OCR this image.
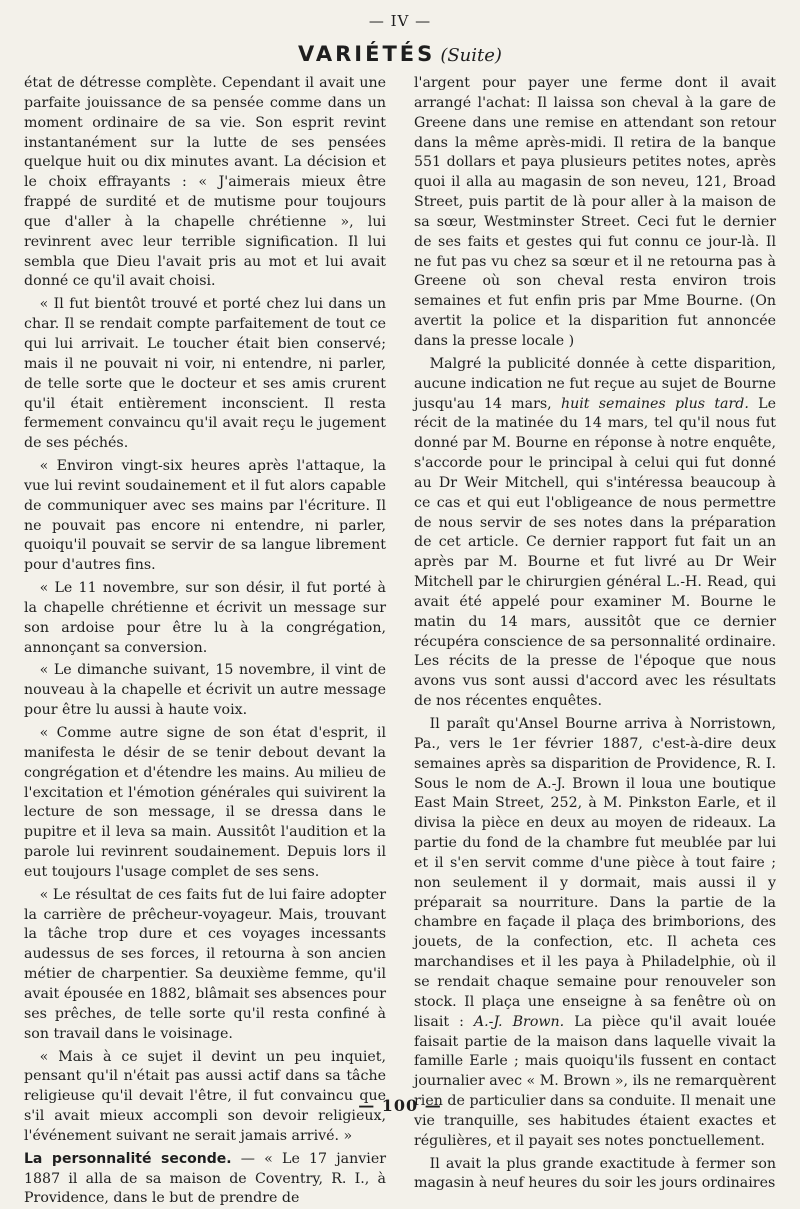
— IV —
VARIÉTÉS (Suite)

état de détresse complète. Cependant il avait une parfaite jouissance de sa pensée comme dans un moment ordinaire de sa vie. Son esprit revint instantanément sur la lutte de ses pensées quelque huit ou dix minutes avant. La décision et le choix effrayants : « J'aimerais mieux être frappé de surdité et de mutisme pour toujours que d'aller à la chapelle chrétienne », lui revinrent avec leur terrible signification. Il lui sembla que Dieu l'avait pris au mot et lui avait donné ce qu'il avait choisi.

« Il fut bientôt trouvé et porté chez lui dans un char. Il se rendait compte parfaitement de tout ce qui lui arrivait. Le toucher était bien conservé; mais il ne pouvait ni voir, ni entendre, ni parler, de telle sorte que le docteur et ses amis crurent qu'il était entièrement inconscient. Il resta fermement convaincu qu'il avait reçu le jugement de ses péchés.

« Environ vingt-six heures après l'attaque, la vue lui revint soudainement et il fut alors capable de communiquer avec ses mains par l'écriture. Il ne pouvait pas encore ni entendre, ni parler, quoiqu'il pouvait se servir de sa langue librement pour d'autres fins.

« Le 11 novembre, sur son désir, il fut porté à la chapelle chrétienne et écrivit un message sur son ardoise pour être lu à la congrégation, annonçant sa conversion.

« Le dimanche suivant, 15 novembre, il vint de nouveau à la chapelle et écrivit un autre message pour être lu aussi à haute voix.

« Comme autre signe de son état d'esprit, il manifesta le désir de se tenir debout devant la congrégation et d'étendre les mains. Au milieu de l'excitation et l'émotion générales qui suivirent la lecture de son message, il se dressa dans le pupitre et il leva sa main. Aussitôt l'audition et la parole lui revinrent soudainement. Depuis lors il eut toujours l'usage complet de ses sens.

« Le résultat de ces faits fut de lui faire adopter la carrière de prêcheur-voyageur. Mais, trouvant la tâche trop dure et ces voyages incessants audessus de ses forces, il retourna à son ancien métier de charpentier. Sa deuxième femme, qu'il avait épousée en 1882, blâmait ses absences pour ses prêches, de telle sorte qu'il resta confiné à son travail dans le voisinage.

« Mais à ce sujet il devint un peu inquiet, pensant qu'il n'était pas aussi actif dans sa tâche religieuse qu'il devait l'être, il fut convaincu que s'il avait mieux accompli son devoir religieux, l'événement suivant ne serait jamais arrivé. »

La personnalité seconde. — « Le 17 janvier 1887 il alla de sa maison de Coventry, R. I., à Providence, dans le but de prendre de

l'argent pour payer une ferme dont il avait arrangé l'achat: Il laissa son cheval à la gare de Greene dans une remise en attendant son retour dans la même après-midi. Il retira de la banque 551 dollars et paya plusieurs petites notes, après quoi il alla au magasin de son neveu, 121, Broad Street, puis partit de là pour aller à la maison de sa sœur, Westminster Street. Ceci fut le dernier de ses faits et gestes qui fut connu ce jour-là. Il ne fut pas vu chez sa sœur et il ne retourna pas à Greene où son cheval resta environ trois semaines et fut enfin pris par Mme Bourne. (On avertit la police et la disparition fut annoncée dans la presse locale )

Malgré la publicité donnée à cette disparition, aucune indication ne fut reçue au sujet de Bourne jusqu'au 14 mars, huit semaines plus tard. Le récit de la matinée du 14 mars, tel qu'il nous fut donné par M. Bourne en réponse à notre enquête, s'accorde pour le principal à celui qui fut donné au Dr Weir Mitchell, qui s'intéressa beaucoup à ce cas et qui eut l'obligeance de nous permettre de nous servir de ses notes dans la préparation de cet article. Ce dernier rapport fut fait un an après par M. Bourne et fut livré au Dr Weir Mitchell par le chirurgien général L.-H. Read, qui avait été appelé pour examiner M. Bourne le matin du 14 mars, aussitôt que ce dernier récupéra conscience de sa personnalité ordinaire. Les récits de la presse de l'époque que nous avons vus sont aussi d'accord avec les résultats de nos récentes enquêtes.

Il paraît qu'Ansel Bourne arriva à Norristown, Pa., vers le 1er février 1887, c'est-à-dire deux semaines après sa disparition de Providence, R. I. Sous le nom de A.-J. Brown il loua une boutique East Main Street, 252, à M. Pinkston Earle, et il divisa la pièce en deux au moyen de rideaux. La partie du fond de la chambre fut meublée par lui et il s'en servit comme d'une pièce à tout faire ; non seulement il y dormait, mais aussi il y préparait sa nourriture. Dans la partie de la chambre en façade il plaça des brimborions, des jouets, de la confection, etc. Il acheta ces marchandises et il les paya à Philadelphie, où il se rendait chaque semaine pour renouveler son stock. Il plaça une enseigne à sa fenêtre où on lisait : A.-J. Brown. La pièce qu'il avait louée faisait partie de la maison dans laquelle vivait la famille Earle ; mais quoiqu'ils fussent en contact journalier avec « M. Brown », ils ne remarquèrent rien de particulier dans sa conduite. Il menait une vie tranquille, ses habitudes étaient exactes et régulières, et il payait ses notes ponctuellement.

Il avait la plus grande exactitude à fermer son magasin à neuf heures du soir les jours ordinaires

— 100 —
